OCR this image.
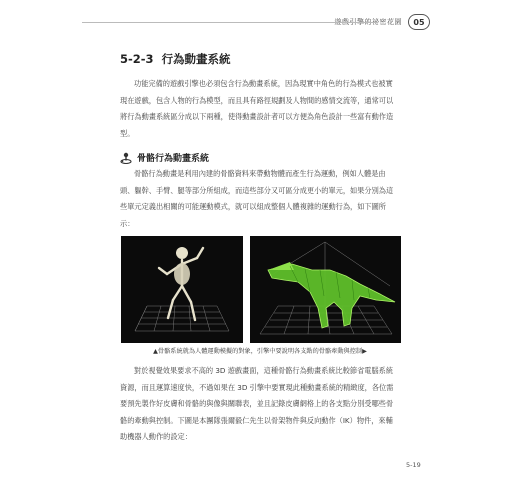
遊戲引擎的祕密花園	05
5-2-3 行為動畫系統

功能完備的遊戲引擎也必須包含行為動畫系統，因為現實中角色的行為模式也被實現在遊戲，包含人物的行為模型，而且具有路徑規劃及人物間的感情交流等，通常可以將行為動畫系統區分成以下兩種，使得動畫設計者可以方便為角色設計一些富有動作造型。

骨骼行為動畫系統

骨骼行為動畫是利用內建的骨骼資料來帶動物體而產生行為運動，例如人體是由頭、軀幹、手臂、腿等部分所組成，而這些部分又可區分成更小的單元，如果分別為這些單元定義出相關的可能運動模式，就可以組成整個人體複雜的運動行為，如下圖所示：

▲骨骼系統就為人體運動模擬的對象，引擎中要說明各支點的骨骼牽動與控制▶

對於視覺效果要求不高的 3D 遊戲畫面，這種骨骼行為動畫系統比較節省電腦系統資源，而且運算速度快，不過如果在 3D 引擎中要實現此種動畫系統的精緻度，各位需要預先製作好皮膚和骨骼的與像與關聯表，並且記錄皮膚網格上的各支點分別受哪些骨骼的牽動與控制。下圖是本團隊張爾毅仁先生以骨架物件與反向動作（IK）物件，來輔助機器人動作的設定：

5-19
